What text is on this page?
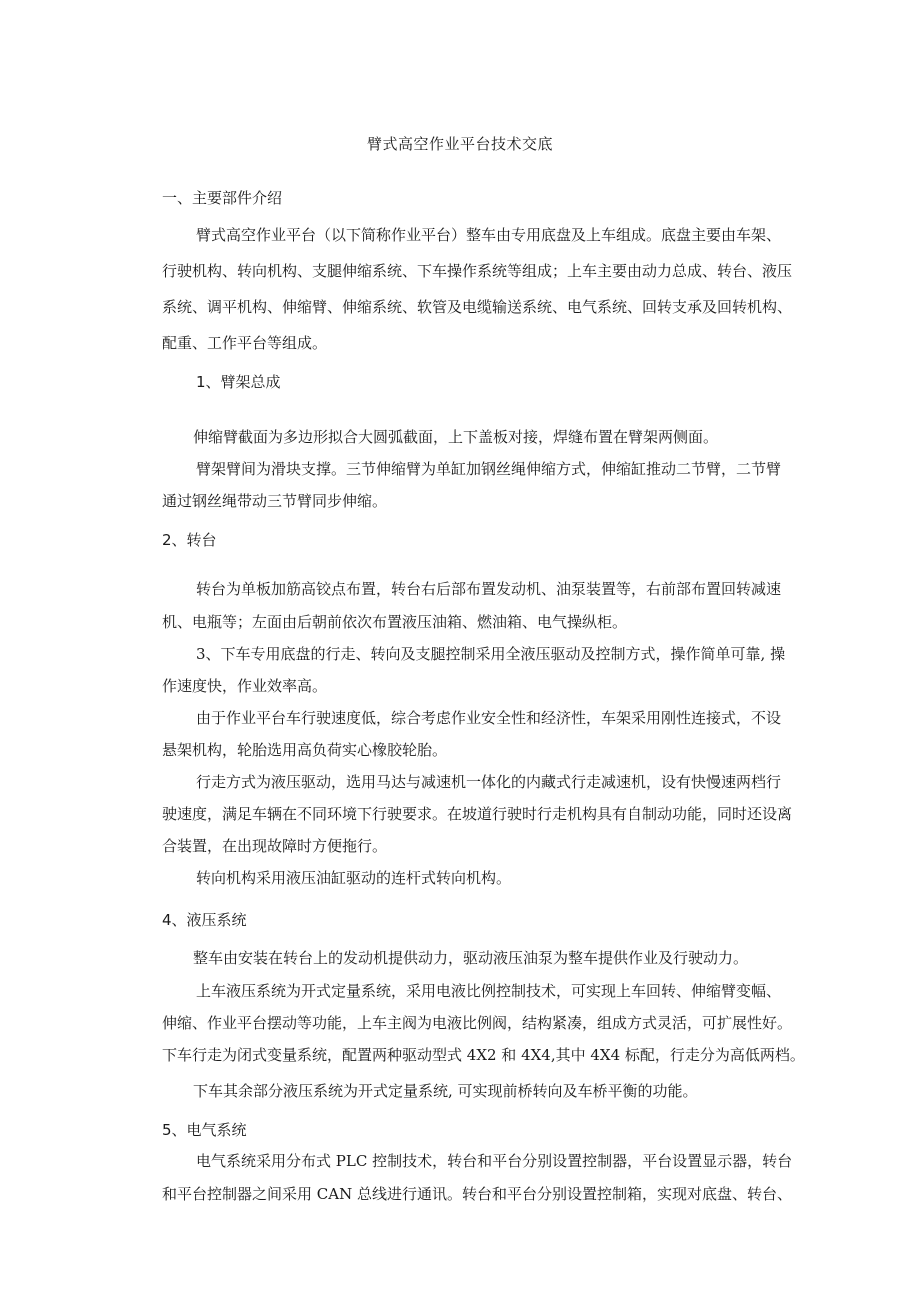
臂式高空作业平台技术交底
一、主要部件介绍
臂式高空作业平台（以下简称作业平台）整车由专用底盘及上车组成。底盘主要由车架、
行驶机构、转向机构、支腿伸缩系统、下车操作系统等组成；上车主要由动力总成、转台、液压
系统、调平机构、伸缩臂、伸缩系统、软管及电缆输送系统、电气系统、回转支承及回转机构、
配重、工作平台等组成。
1、臂架总成
伸缩臂截面为多边形拟合大圆弧截面，上下盖板对接，焊缝布置在臂架两侧面。
臂架臂间为滑块支撑。三节伸缩臂为单缸加钢丝绳伸缩方式，伸缩缸推动二节臂，二节臂
通过钢丝绳带动三节臂同步伸缩。
2、转台
转台为单板加筋高铰点布置，转台右后部布置发动机、油泵装置等，右前部布置回转减速
机、电瓶等；左面由后朝前依次布置液压油箱、燃油箱、电气操纵柜。
3、下车专用底盘的行走、转向及支腿控制采用全液压驱动及控制方式，操作简单可靠, 操
作速度快，作业效率高。
由于作业平台车行驶速度低，综合考虑作业安全性和经济性，车架采用刚性连接式，不设
悬架机构，轮胎选用高负荷实心橡胶轮胎。
行走方式为液压驱动，选用马达与减速机一体化的内藏式行走减速机，设有快慢速两档行
驶速度，满足车辆在不同环境下行驶要求。在坡道行驶时行走机构具有自制动功能，同时还设离
合装置，在出现故障时方便拖行。
转向机构采用液压油缸驱动的连杆式转向机构。
4、液压系统
整车由安装在转台上的发动机提供动力，驱动液压油泵为整车提供作业及行驶动力。
上车液压系统为开式定量系统，采用电液比例控制技术，可实现上车回转、伸缩臂变幅、
伸缩、作业平台摆动等功能，上车主阀为电液比例阀，结构紧凑，组成方式灵活，可扩展性好。
下车行走为闭式变量系统，配置两种驱动型式 4X2 和 4X4,其中 4X4 标配，行走分为高低两档。
下车其余部分液压系统为开式定量系统, 可实现前桥转向及车桥平衡的功能。
5、电气系统
电气系统采用分布式 PLC 控制技术，转台和平台分别设置控制器，平台设置显示器，转台
和平台控制器之间采用 CAN 总线进行通讯。转台和平台分别设置控制箱，实现对底盘、转台、
